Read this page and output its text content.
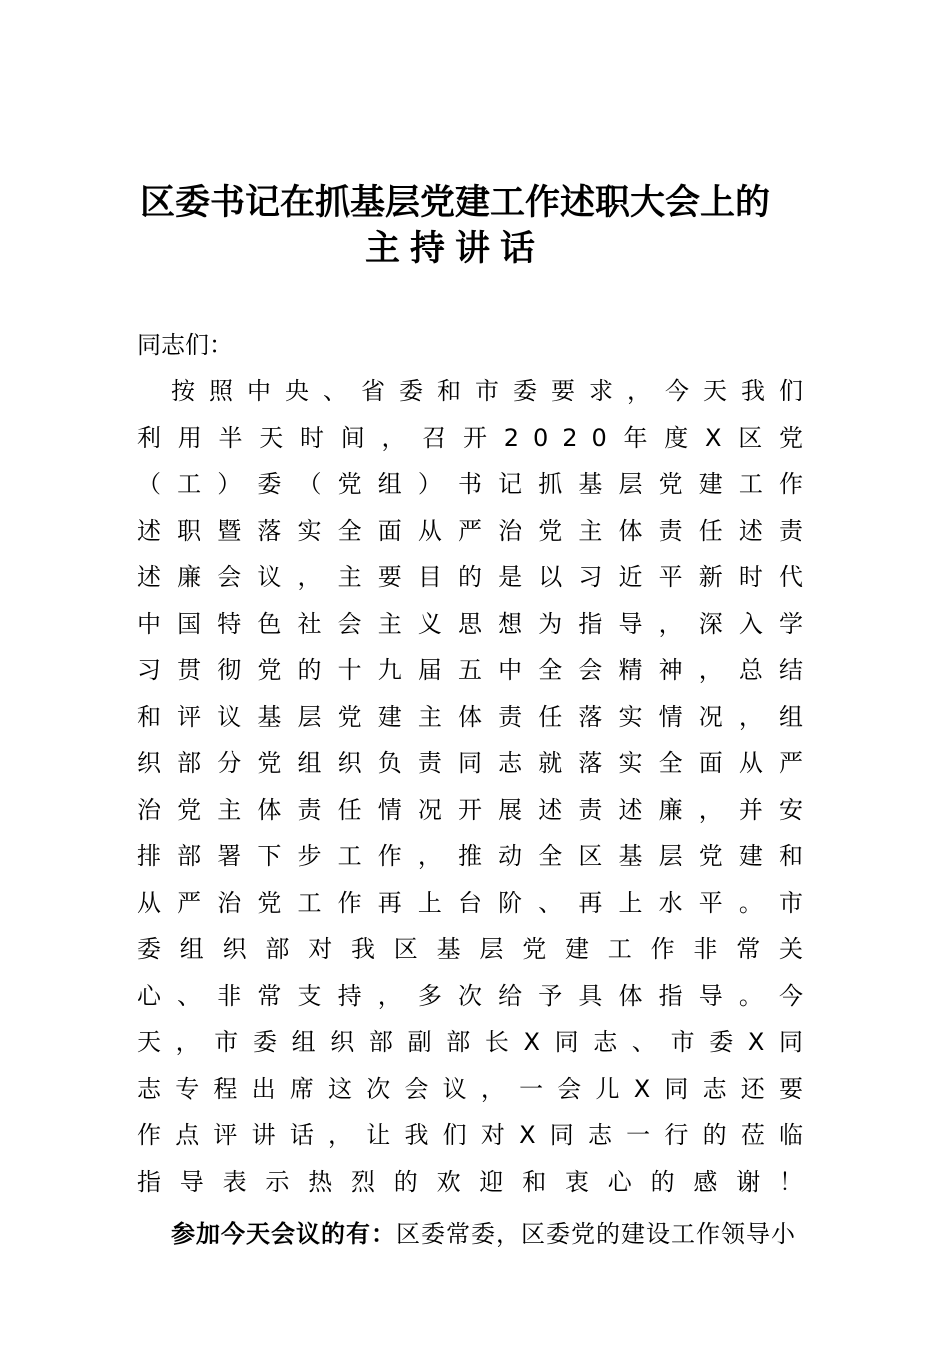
区委书记在抓基层党建工作述职大会上的
主持讲话

同志们：

按照中央、省委和市委要求，今天我们利用半天时间，召开2020年度X区党（工）委（党组）书记抓基层党建工作述职暨落实全面从严治党主体责任述责述廉会议，主要目的是以习近平新时代中国特色社会主义思想为指导，深入学习贯彻党的十九届五中全会精神，总结和评议基层党建主体责任落实情况，组织部分党组织负责同志就落实全面从严治党主体责任情况开展述责述廉，并安排部署下步工作，推动全区基层党建和从严治党工作再上台阶、再上水平。市委组织部对我区基层党建工作非常关心、非常支持，多次给予具体指导。今天，市委组织部副部长X同志、市委X同志专程出席这次会议，一会儿X同志还要作点评讲话，让我们对X同志一行的莅临指导表示热烈的欢迎和衷心的感谢！

参加今天会议的有：区委常委，区委党的建设工作领导小
